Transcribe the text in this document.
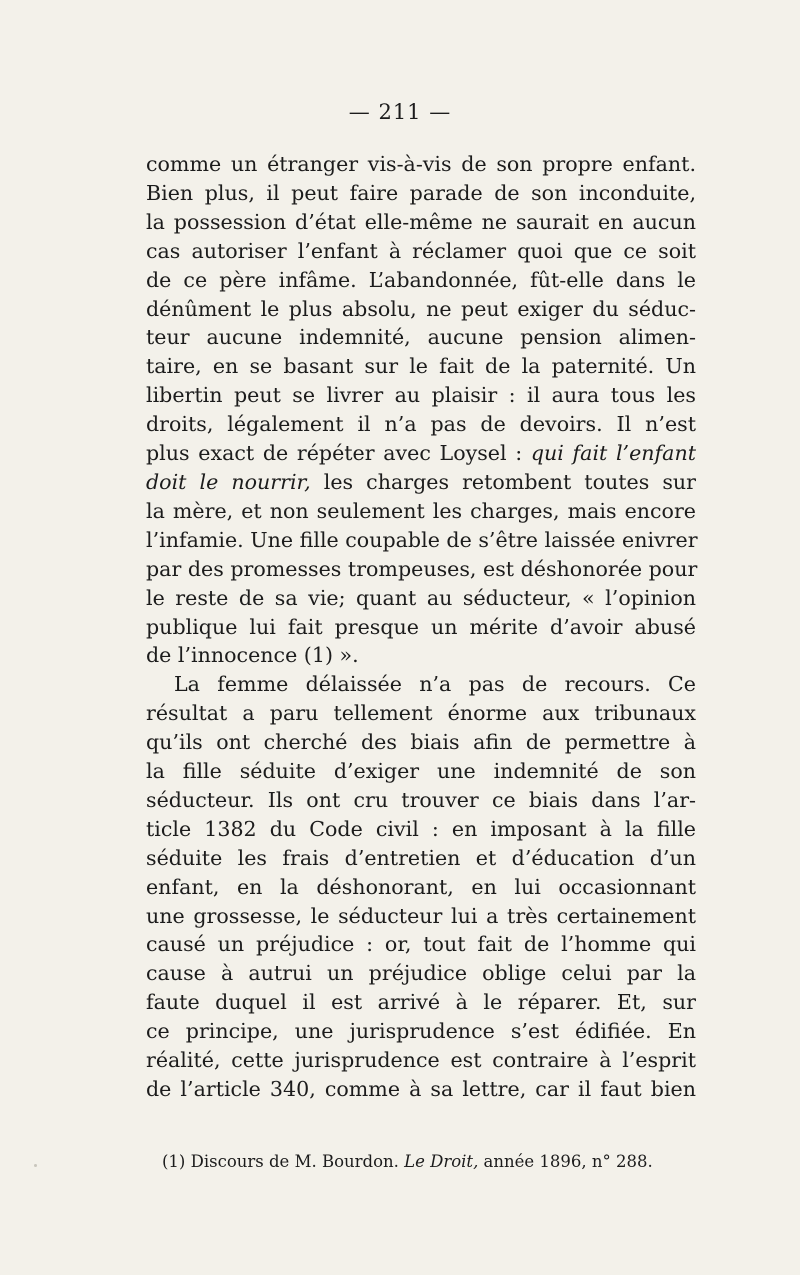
— 211 —
comme un étranger vis-à-vis de son propre enfant.
Bien plus, il peut faire parade de son inconduite,
la possession d’état elle-même ne saurait en aucun
cas autoriser l’enfant à réclamer quoi que ce soit
de ce père infâme. L’abandonnée, fût-elle dans le
dénûment le plus absolu, ne peut exiger du séduc-
teur aucune indemnité, aucune pension alimen-
taire, en se basant sur le fait de la paternité. Un
libertin peut se livrer au plaisir : il aura tous les
droits, légalement il n’a pas de devoirs. Il n’est
plus exact de répéter avec Loysel : qui fait l’enfant
doit le nourrir, les charges retombent toutes sur
la mère, et non seulement les charges, mais encore
l’infamie. Une fille coupable de s’être laissée enivrer
par des promesses trompeuses, est déshonorée pour
le reste de sa vie; quant au séducteur, « l’opinion
publique lui fait presque un mérite d’avoir abusé
de l’innocence (1) ».
La femme délaissée n’a pas de recours. Ce
résultat a paru tellement énorme aux tribunaux
qu’ils ont cherché des biais afin de permettre à
la fille séduite d’exiger une indemnité de son
séducteur. Ils ont cru trouver ce biais dans l’ar-
ticle 1382 du Code civil : en imposant à la fille
séduite les frais d’entretien et d’éducation d’un
enfant, en la déshonorant, en lui occasionnant
une grossesse, le séducteur lui a très certainement
causé un préjudice : or, tout fait de l’homme qui
cause à autrui un préjudice oblige celui par la
faute duquel il est arrivé à le réparer. Et, sur
ce principe, une jurisprudence s’est édifiée. En
réalité, cette jurisprudence est contraire à l’esprit
de l’article 340, comme à sa lettre, car il faut bien
(1) Discours de M. Bourdon. Le Droit, année 1896, n° 288.
